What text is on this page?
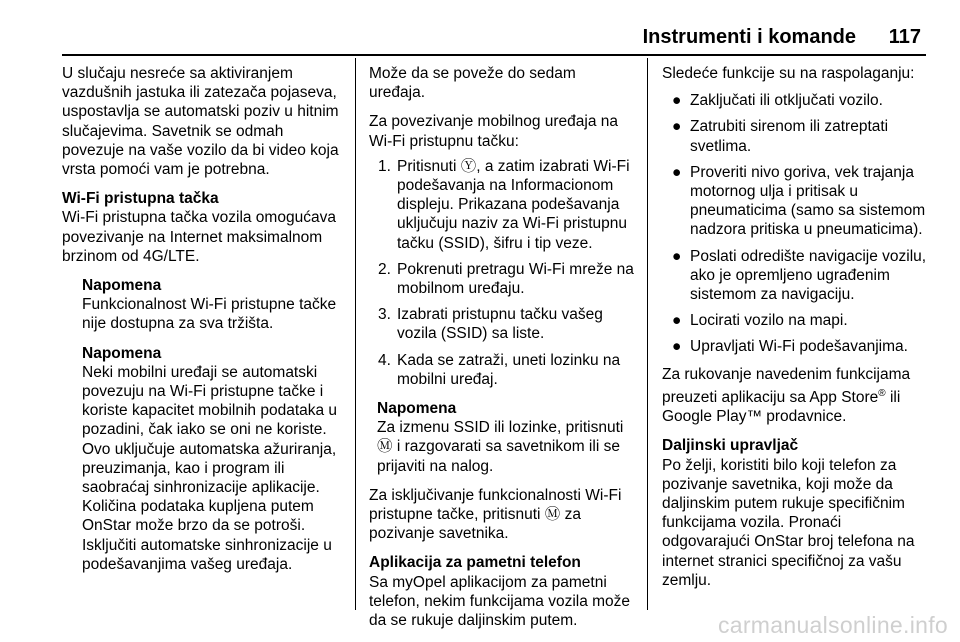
Instrumenti i komande 117

U slučaju nesreće sa aktiviranjem vazdušnih jastuka ili zatezača pojaseva, uspostavlja se automatski poziv u hitnim slučajevima. Savetnik se odmah povezuje na vaše vozilo da bi video koja vrsta pomoći vam je potrebna.

Wi-Fi pristupna tačka

Wi-Fi pristupna tačka vozila omogućava povezivanje na Internet maksimalnom brzinom od 4G/LTE.

Napomena
Funkcionalnost Wi-Fi pristupne tačke nije dostupna za sva tržišta.
Napomena
Neki mobilni uređaji se automatski povezuju na Wi-Fi pristupne tačke i koriste kapacitet mobilnih podataka u pozadini, čak iako se oni ne koriste. Ovo uključuje automatska ažuriranja, preuzimanja, kao i program ili saobraćaj sinhronizacije aplikacije. Količina podataka kupljena putem OnStar može brzo da se potroši. Isključiti automatske sinhronizacije u podešavanjima vašeg uređaja.

Može da se poveže do sedam uređaja.

Za povezivanje mobilnog uređaja na Wi-Fi pristupnu tačku:

1. Pritisnuti Ⓨ, a zatim izabrati Wi-Fi podešavanja na Informacionom displeju. Prikazana podešavanja uključuju naziv za Wi-Fi pristupnu tačku (SSID), šifru i tip veze.
2. Pokrenuti pretragu Wi-Fi mreže na mobilnom uređaju.
3. Izabrati pristupnu tačku vašeg vozila (SSID) sa liste.
4. Kada se zatraži, uneti lozinku na mobilni uređaj.
Napomena
Za izmenu SSID ili lozinke, pritisnuti Ⓜ i razgovarati sa savetnikom ili se prijaviti na nalog.

Za isključivanje funkcionalnosti Wi-Fi pristupne tačke, pritisnuti Ⓜ za pozivanje savetnika.

Aplikacija za pametni telefon

Sa myOpel aplikacijom za pametni telefon, nekim funkcijama vozila može da se rukuje daljinskim putem.

Sledeće funkcije su na raspolaganju:

● Zaključati ili otključati vozilo.
● Zatrubiti sirenom ili zatreptati svetlima.
● Proveriti nivo goriva, vek trajanja motornog ulja i pritisak u pneumaticima (samo sa sistemom nadzora pritiska u pneumaticima).
● Poslati odredište navigacije vozilu, ako je opremljeno ugrađenim sistemom za navigaciju.
● Locirati vozilo na mapi.
● Upravljati Wi-Fi podešavanjima.

Za rukovanje navedenim funkcijama preuzeti aplikaciju sa App Store® ili Google Play™ prodavnice.

Daljinski upravljač

Po želji, koristiti bilo koji telefon za pozivanje savetnika, koji može da daljinskim putem rukuje specifičnim funkcijama vozila. Pronaći odgovarajući OnStar broj telefona na internet stranici specifičnoj za vašu zemlju.

carmanualsonline.info
